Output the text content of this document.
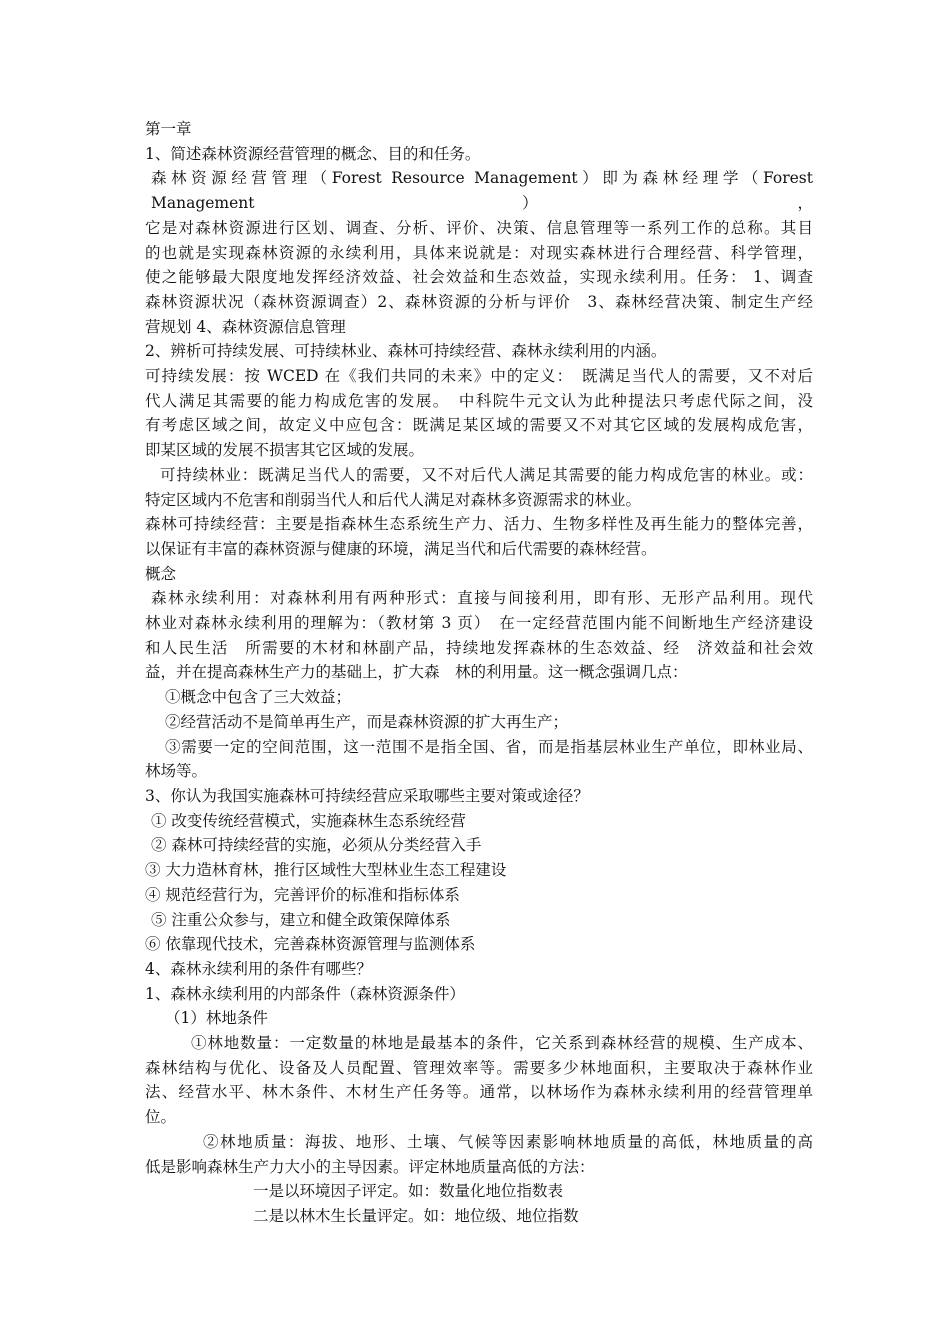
第一章
1、简述森林资源经营管理的概念、目的和任务。
森林资源经营管理（Forest Resource Management）即为森林经理学（Forest Management），
它是对森林资源进行区划、调查、分析、评价、决策、信息管理等一系列工作的总称。其目
的也就是实现森林资源的永续利用，具体来说就是：对现实森林进行合理经营、科学管理，
使之能够最大限度地发挥经济效益、社会效益和生态效益，实现永续利用。任务： 1、调查
森林资源状况（森林资源调查）2、森林资源的分析与评价　3、森林经营决策、制定生产经
营规划 4、森林资源信息管理
2、辨析可持续发展、可持续林业、森林可持续经营、森林永续利用的内涵。
可持续发展：按 WCED 在《我们共同的未来》中的定义：　既满足当代人的需要，又不对后
代人满足其需要的能力构成危害的发展。　中科院牛元文认为此种提法只考虑代际之间，没
有考虑区域之间，故定义中应包含：既满足某区域的需要又不对其它区域的发展构成危害，
即某区域的发展不损害其它区域的发展。
可持续林业：既满足当代人的需要，又不对后代人满足其需要的能力构成危害的林业。或：
特定区域内不危害和削弱当代人和后代人满足对森林多资源需求的林业。
森林可持续经营：主要是指森林生态系统生产力、活力、生物多样性及再生能力的整体完善，
以保证有丰富的森林资源与健康的环境，满足当代和后代需要的森林经营。
概念
森林永续利用：对森林利用有两种形式：直接与间接利用，即有形、无形产品利用。现代
林业对森林永续利用的理解为：（教材第 3 页）　在一定经营范围内能不间断地生产经济建设
和人民生活　所需要的木材和林副产品，持续地发挥森林的生态效益、经　济效益和社会效
益，并在提高森林生产力的基础上，扩大森　林的利用量。这一概念强调几点：
①概念中包含了三大效益；
②经营活动不是简单再生产，而是森林资源的扩大再生产；
③需要一定的空间范围，这一范围不是指全国、省，而是指基层林业生产单位，即林业局、
林场等。
3、你认为我国实施森林可持续经营应采取哪些主要对策或途径？
① 改变传统经营模式，实施森林生态系统经营
② 森林可持续经营的实施，必须从分类经营入手
③ 大力造林育林，推行区域性大型林业生态工程建设
④ 规范经营行为，完善评价的标准和指标体系
⑤ 注重公众参与，建立和健全政策保障体系
⑥ 依靠现代技术，完善森林资源管理与监测体系
4、森林永续利用的条件有哪些？
1、森林永续利用的内部条件（森林资源条件）
（1）林地条件
①林地数量：一定数量的林地是最基本的条件，它关系到森林经营的规模、生产成本、
森林结构与优化、设备及人员配置、管理效率等。需要多少林地面积，主要取决于森林作业
法、经营水平、林木条件、木材生产任务等。通常，以林场作为森林永续利用的经营管理单
位。
②林地质量：海拔、地形、土壤、气候等因素影响林地质量的高低，林地质量的高
低是影响森林生产力大小的主导因素。评定林地质量高低的方法：
一是以环境因子评定。如：数量化地位指数表
二是以林木生长量评定。如：地位级、地位指数
